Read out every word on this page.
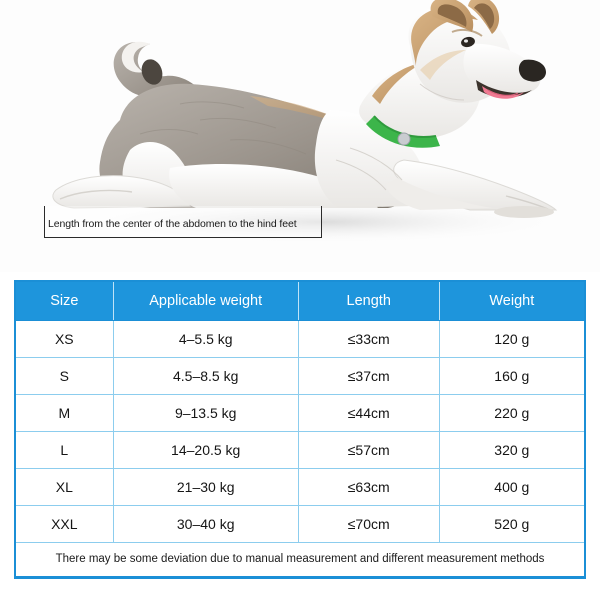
Length from the center of the abdomen to the hind feet
Size	Applicable weight	Length	Weight
XS	4–5.5 kg	≤33cm	120 g
S	4.5–8.5 kg	≤37cm	160 g
M	9–13.5 kg	≤44cm	220 g
L	14–20.5 kg	≤57cm	320 g
XL	21–30 kg	≤63cm	400 g
XXL	30–40 kg	≤70cm	520 g
There may be some deviation due to manual measurement and different measurement methods			
